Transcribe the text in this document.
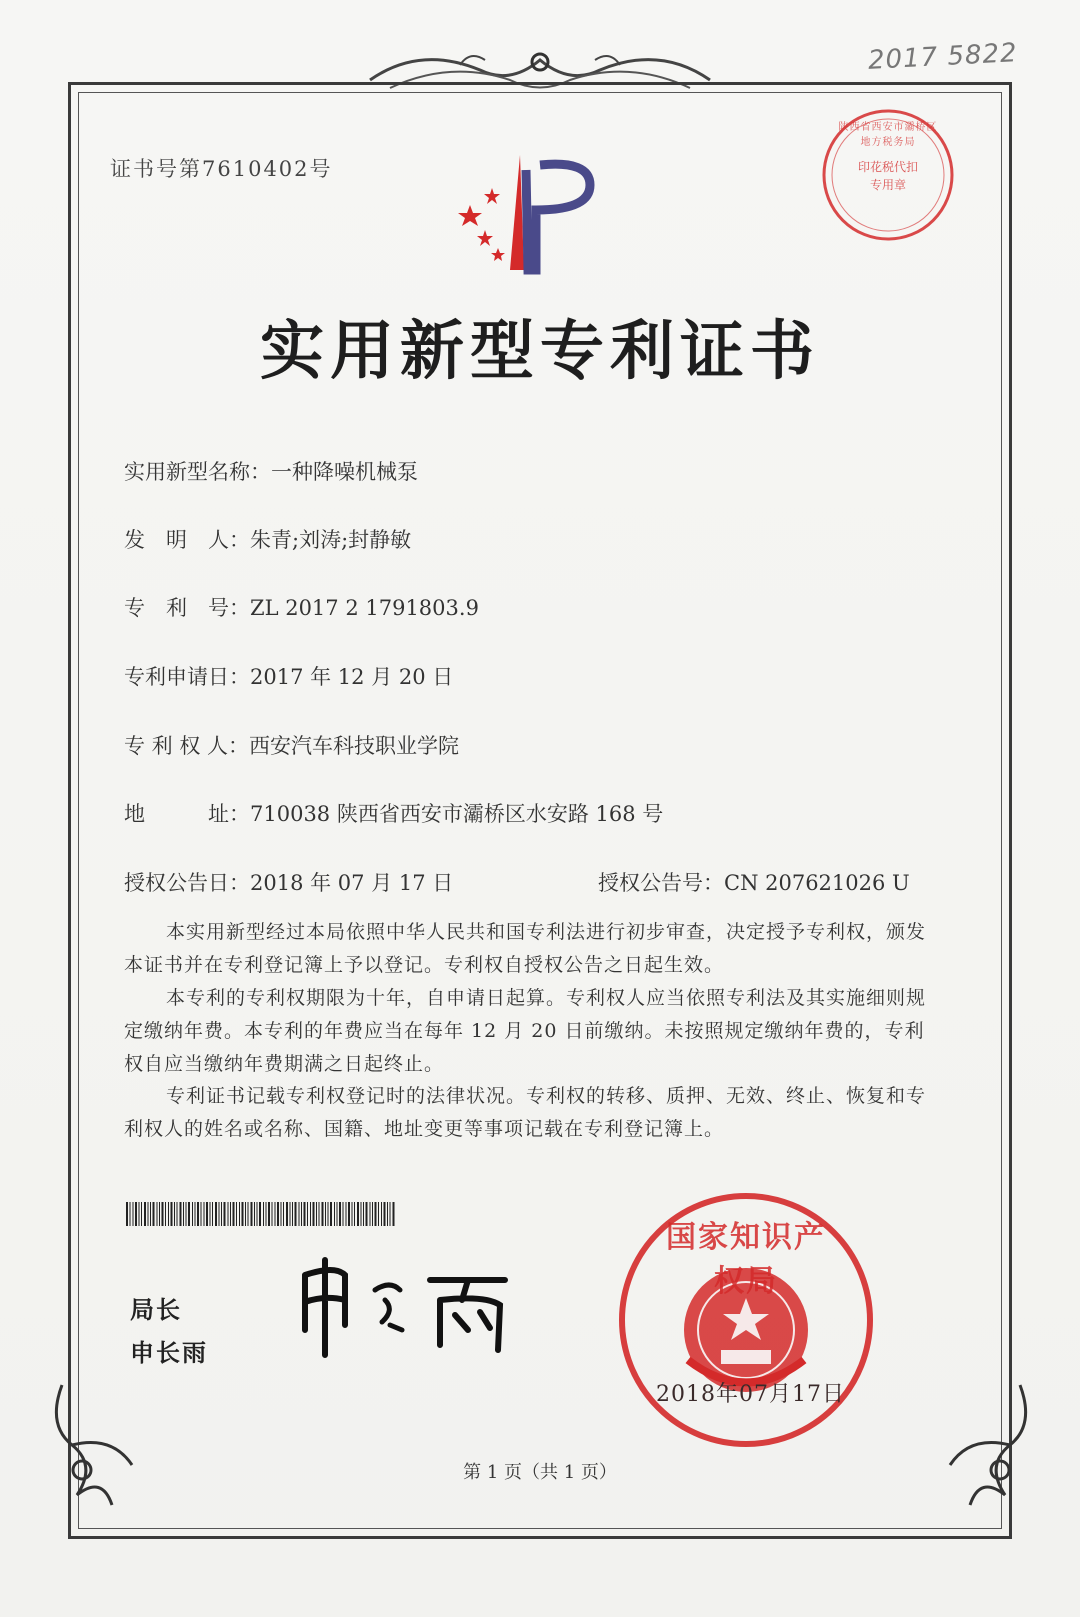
2017 5822
证书号第7610402号
陕西省西安市灞桥区地方税务局
印花税代扣专用章
实用新型专利证书
实用新型名称：一种降噪机械泵
发　明　人：朱青;刘涛;封静敏
专　利　号：ZL 2017 2 1791803.9
专利申请日：2017 年 12 月 20 日
专 利 权 人：西安汽车科技职业学院
地　　　址：710038 陕西省西安市灞桥区水安路 168 号
授权公告日：2018 年 07 月 17 日	授权公告号：CN 207621026 U
本实用新型经过本局依照中华人民共和国专利法进行初步审查，决定授予专利权，颁发本证书并在专利登记簿上予以登记。专利权自授权公告之日起生效。
本专利的专利权期限为十年，自申请日起算。专利权人应当依照专利法及其实施细则规定缴纳年费。本专利的年费应当在每年 12 月 20 日前缴纳。未按照规定缴纳年费的，专利权自应当缴纳年费期满之日起终止。
专利证书记载专利权登记时的法律状况。专利权的转移、质押、无效、终止、恢复和专利权人的姓名或名称、国籍、地址变更等事项记载在专利登记簿上。
局长
申长雨
国家知识产权局
2018年07月17日
第 1 页（共 1 页）
